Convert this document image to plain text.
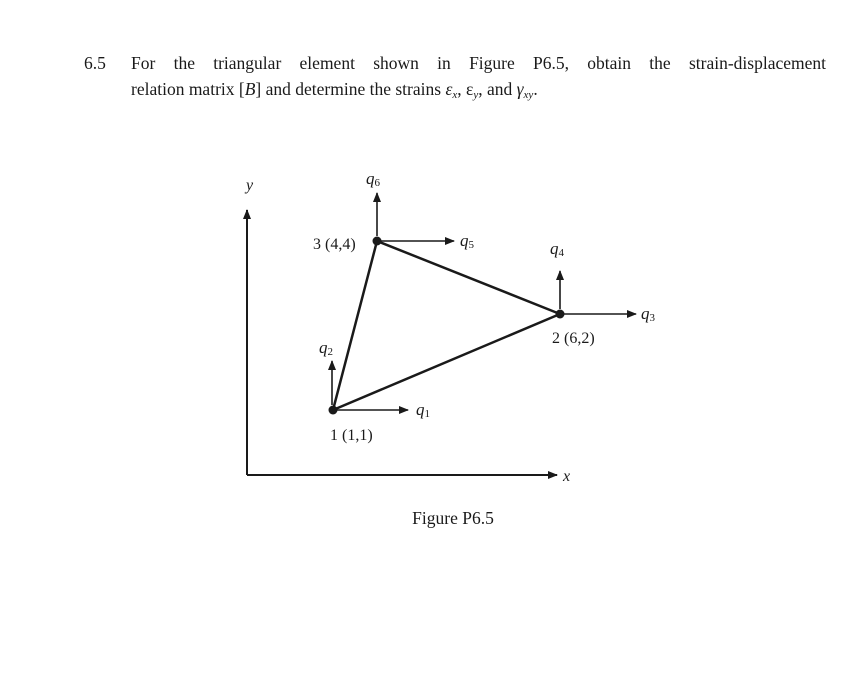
6.5 For the triangular element shown in Figure P6.5, obtain the strain-displacement
relation matrix [B] and determine the strains $\varepsilon_x$, $\varepsilon_y$, and $\gamma_{xy}$.
y
x
1 (1,1)
2 (6,2)
3 (4,4)
q1
q2
q3
q4
q5
q6
Figure P6.5
